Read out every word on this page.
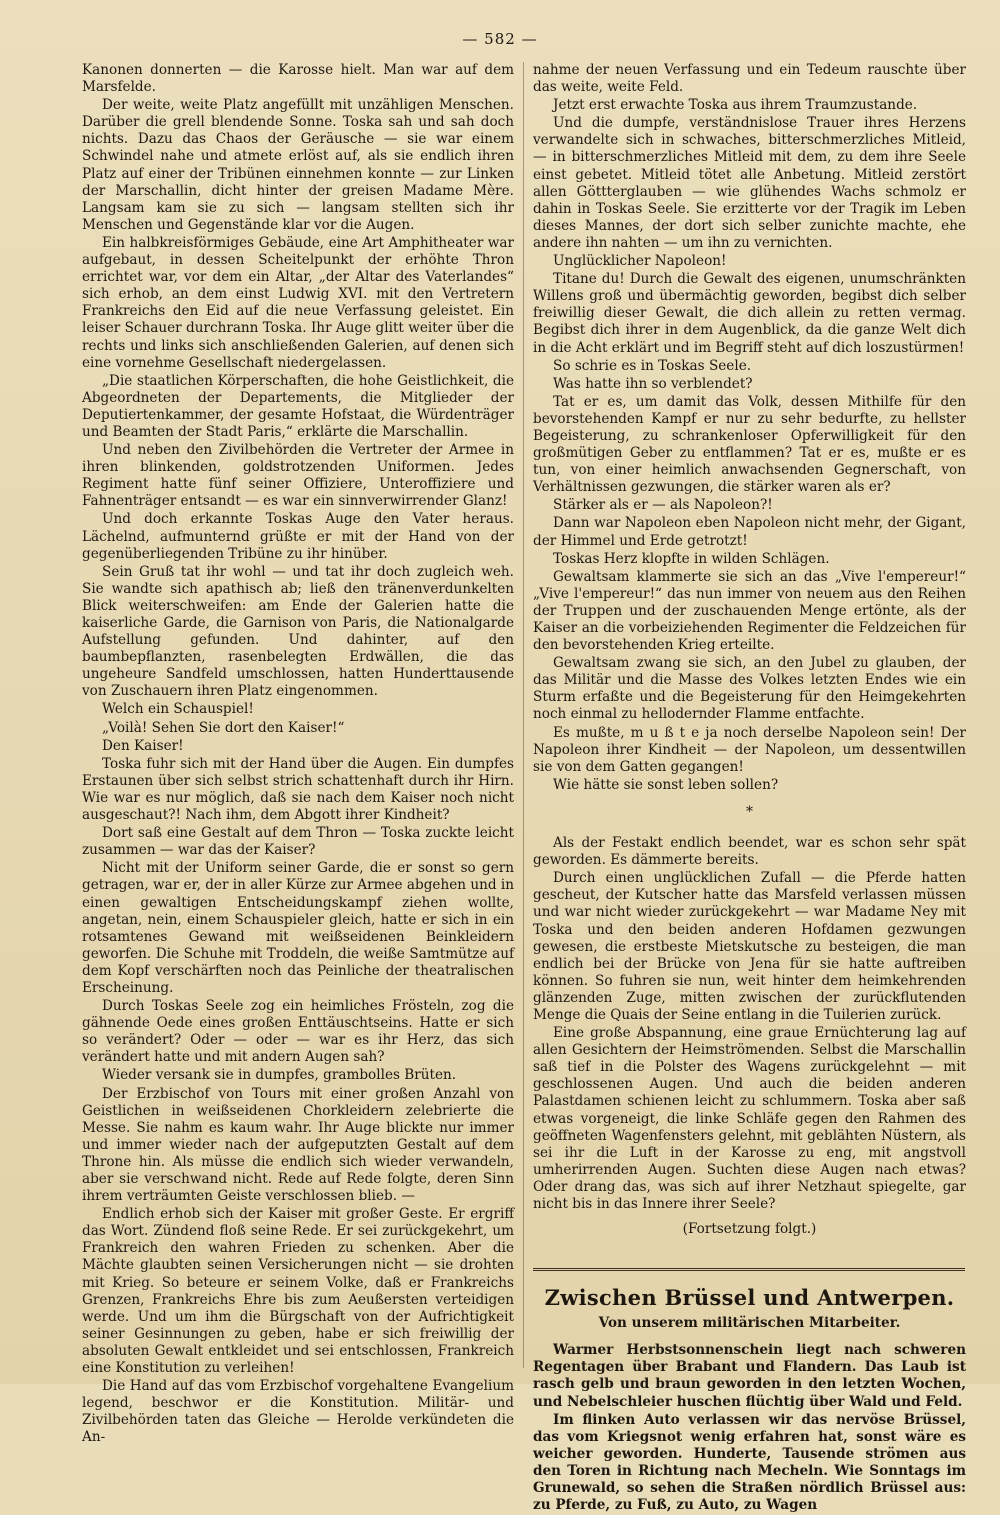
— 582 —

Kanonen donnerten — die Karosse hielt. Man war auf dem Marsfelde.

Der weite, weite Platz angefüllt mit unzähligen Menschen. Darüber die grell blendende Sonne. Toska sah und sah doch nichts. Dazu das Chaos der Geräusche — sie war einem Schwindel nahe und atmete erlöst auf, als sie endlich ihren Platz auf einer der Tribünen einnehmen konnte — zur Linken der Marschallin, dicht hinter der greisen Madame Mère. Langsam kam sie zu sich — langsam stellten sich ihr Menschen und Gegenstände klar vor die Augen.

Ein halbkreisförmiges Gebäude, eine Art Amphitheater war aufgebaut, in dessen Scheitelpunkt der erhöhte Thron errichtet war, vor dem ein Altar, „der Altar des Vaterlandes“ sich erhob, an dem einst Ludwig XVI. mit den Vertretern Frankreichs den Eid auf die neue Verfassung geleistet. Ein leiser Schauer durchrann Toska. Ihr Auge glitt weiter über die rechts und links sich anschließenden Galerien, auf denen sich eine vornehme Gesellschaft niedergelassen.

„Die staatlichen Körperschaften, die hohe Geistlichkeit, die Abgeordneten der Departements, die Mitglieder der Deputiertenkammer, der gesamte Hofstaat, die Würdenträger und Beamten der Stadt Paris,“ erklärte die Marschallin.

Und neben den Zivilbehörden die Vertreter der Armee in ihren blinkenden, goldstrotzenden Uniformen. Jedes Regiment hatte fünf seiner Offiziere, Unteroffiziere und Fahnenträger entsandt — es war ein sinnverwirrender Glanz!

Und doch erkannte Toskas Auge den Vater heraus. Lächelnd, aufmunternd grüßte er mit der Hand von der gegenüberliegenden Tribüne zu ihr hinüber.

Sein Gruß tat ihr wohl — und tat ihr doch zugleich weh. Sie wandte sich apathisch ab; ließ den tränenverdunkelten Blick weiterschweifen: am Ende der Galerien hatte die kaiserliche Garde, die Garnison von Paris, die Nationalgarde Aufstellung gefunden. Und dahinter, auf den baumbepflanzten, rasenbelegten Erdwällen, die das ungeheure Sandfeld umschlossen, hatten Hunderttausende von Zuschauern ihren Platz eingenommen.

Welch ein Schauspiel!

„Voilà! Sehen Sie dort den Kaiser!“

Den Kaiser!

Toska fuhr sich mit der Hand über die Augen. Ein dumpfes Erstaunen über sich selbst strich schattenhaft durch ihr Hirn. Wie war es nur möglich, daß sie nach dem Kaiser noch nicht ausgeschaut?! Nach ihm, dem Abgott ihrer Kindheit?

Dort saß eine Gestalt auf dem Thron — Toska zuckte leicht zusammen — war das der Kaiser?

Nicht mit der Uniform seiner Garde, die er sonst so gern getragen, war er, der in aller Kürze zur Armee abgehen und in einen gewaltigen Entscheidungskampf ziehen wollte, angetan, nein, einem Schauspieler gleich, hatte er sich in ein rotsamtenes Gewand mit weißseidenen Beinkleidern geworfen. Die Schuhe mit Troddeln, die weiße Samtmütze auf dem Kopf verschärften noch das Peinliche der theatralischen Erscheinung.

Durch Toskas Seele zog ein heimliches Frösteln, zog die gähnende Oede eines großen Enttäuschtseins. Hatte er sich so verändert? Oder — oder — war es ihr Herz, das sich verändert hatte und mit andern Augen sah?

Wieder versank sie in dumpfes, grambolles Brüten.

Der Erzbischof von Tours mit einer großen Anzahl von Geistlichen in weißseidenen Chorkleidern zelebrierte die Messe. Sie nahm es kaum wahr. Ihr Auge blickte nur immer und immer wieder nach der aufgeputzten Gestalt auf dem Throne hin. Als müsse die endlich sich wieder verwandeln, aber sie verschwand nicht. Rede auf Rede folgte, deren Sinn ihrem verträumten Geiste verschlossen blieb. —

Endlich erhob sich der Kaiser mit großer Geste. Er ergriff das Wort. Zündend floß seine Rede. Er sei zurückgekehrt, um Frankreich den wahren Frieden zu schenken. Aber die Mächte glaubten seinen Versicherungen nicht — sie drohten mit Krieg. So beteure er seinem Volke, daß er Frankreichs Grenzen, Frankreichs Ehre bis zum Aeußersten verteidigen werde. Und um ihm die Bürgschaft von der Aufrichtigkeit seiner Gesinnungen zu geben, habe er sich freiwillig der absoluten Gewalt entkleidet und sei entschlossen, Frankreich eine Konstitution zu verleihen!

Die Hand auf das vom Erzbischof vorgehaltene Evangelium legend, beschwor er die Konstitution. Militär- und Zivilbehörden taten das Gleiche — Herolde verkündeten die An-

nahme der neuen Verfassung und ein Tedeum rauschte über das weite, weite Feld.

Jetzt erst erwachte Toska aus ihrem Traumzustande.

Und die dumpfe, verständnislose Trauer ihres Herzens verwandelte sich in schwaches, bitterschmerzliches Mitleid, — in bitterschmerzliches Mitleid mit dem, zu dem ihre Seele einst gebetet. Mitleid tötet alle Anbetung. Mitleid zerstört allen Göttterglauben — wie glühendes Wachs schmolz er dahin in Toskas Seele. Sie erzitterte vor der Tragik im Leben dieses Mannes, der dort sich selber zunichte machte, ehe andere ihn nahten — um ihn zu vernichten.

Unglücklicher Napoleon!

Titane du! Durch die Gewalt des eigenen, unumschränkten Willens groß und übermächtig geworden, begibst dich selber freiwillig dieser Gewalt, die dich allein zu retten vermag. Begibst dich ihrer in dem Augenblick, da die ganze Welt dich in die Acht erklärt und im Begriff steht auf dich loszustürmen!

So schrie es in Toskas Seele.

Was hatte ihn so verblendet?

Tat er es, um damit das Volk, dessen Mithilfe für den bevorstehenden Kampf er nur zu sehr bedurfte, zu hellster Begeisterung, zu schrankenloser Opferwilligkeit für den großmütigen Geber zu entflammen? Tat er es, mußte er es tun, von einer heimlich anwachsenden Gegnerschaft, von Verhältnissen gezwungen, die stärker waren als er?

Stärker als er — als Napoleon?!

Dann war Napoleon eben Napoleon nicht mehr, der Gigant, der Himmel und Erde getrotzt!

Toskas Herz klopfte in wilden Schlägen.

Gewaltsam klammerte sie sich an das „Vive l'empereur!“ „Vive l'empereur!“ das nun immer von neuem aus den Reihen der Truppen und der zuschauenden Menge ertönte, als der Kaiser an die vorbeiziehenden Regimenter die Feldzeichen für den bevorstehenden Krieg erteilte.

Gewaltsam zwang sie sich, an den Jubel zu glauben, der das Militär und die Masse des Volkes letzten Endes wie ein Sturm erfaßte und die Begeisterung für den Heimgekehrten noch einmal zu hellodernder Flamme entfachte.

Es mußte, m u ß t e ja noch derselbe Napoleon sein! Der Napoleon ihrer Kindheit — der Napoleon, um dessentwillen sie von dem Gatten gegangen!

Wie hätte sie sonst leben sollen?

*

Als der Festakt endlich beendet, war es schon sehr spät geworden. Es dämmerte bereits.

Durch einen unglücklichen Zufall — die Pferde hatten gescheut, der Kutscher hatte das Marsfeld verlassen müssen und war nicht wieder zurückgekehrt — war Madame Ney mit Toska und den beiden anderen Hofdamen gezwungen gewesen, die erstbeste Mietskutsche zu besteigen, die man endlich bei der Brücke von Jena für sie hatte auftreiben können. So fuhren sie nun, weit hinter dem heimkehrenden glänzenden Zuge, mitten zwischen der zurückflutenden Menge die Quais der Seine entlang in die Tuilerien zurück.

Eine große Abspannung, eine graue Ernüchterung lag auf allen Gesichtern der Heimströmenden. Selbst die Marschallin saß tief in die Polster des Wagens zurückgelehnt — mit geschlossenen Augen. Und auch die beiden anderen Palastdamen schienen leicht zu schlummern. Toska aber saß etwas vorgeneigt, die linke Schläfe gegen den Rahmen des geöffneten Wagenfensters gelehnt, mit geblähten Nüstern, als sei ihr die Luft in der Karosse zu eng, mit angstvoll umherirrenden Augen. Suchten diese Augen nach etwas? Oder drang das, was sich auf ihrer Netzhaut spiegelte, gar nicht bis in das Innere ihrer Seele?

(Fortsetzung folgt.)
Zwischen Brüssel und Antwerpen.
Von unserem militärischen Mitarbeiter.

Warmer Herbstsonnenschein liegt nach schweren Regentagen über Brabant und Flandern. Das Laub ist rasch gelb und braun geworden in den letzten Wochen, und Nebelschleier huschen flüchtig über Wald und Feld.

Im flinken Auto verlassen wir das nervöse Brüssel, das vom Kriegsnot wenig erfahren hat, sonst wäre es weicher geworden. Hunderte, Tausende strömen aus den Toren in Richtung nach Mecheln. Wie Sonntags im Grunewald, so sehen die Straßen nördlich Brüssel aus: zu Pferde, zu Fuß, zu Auto, zu Wagen
